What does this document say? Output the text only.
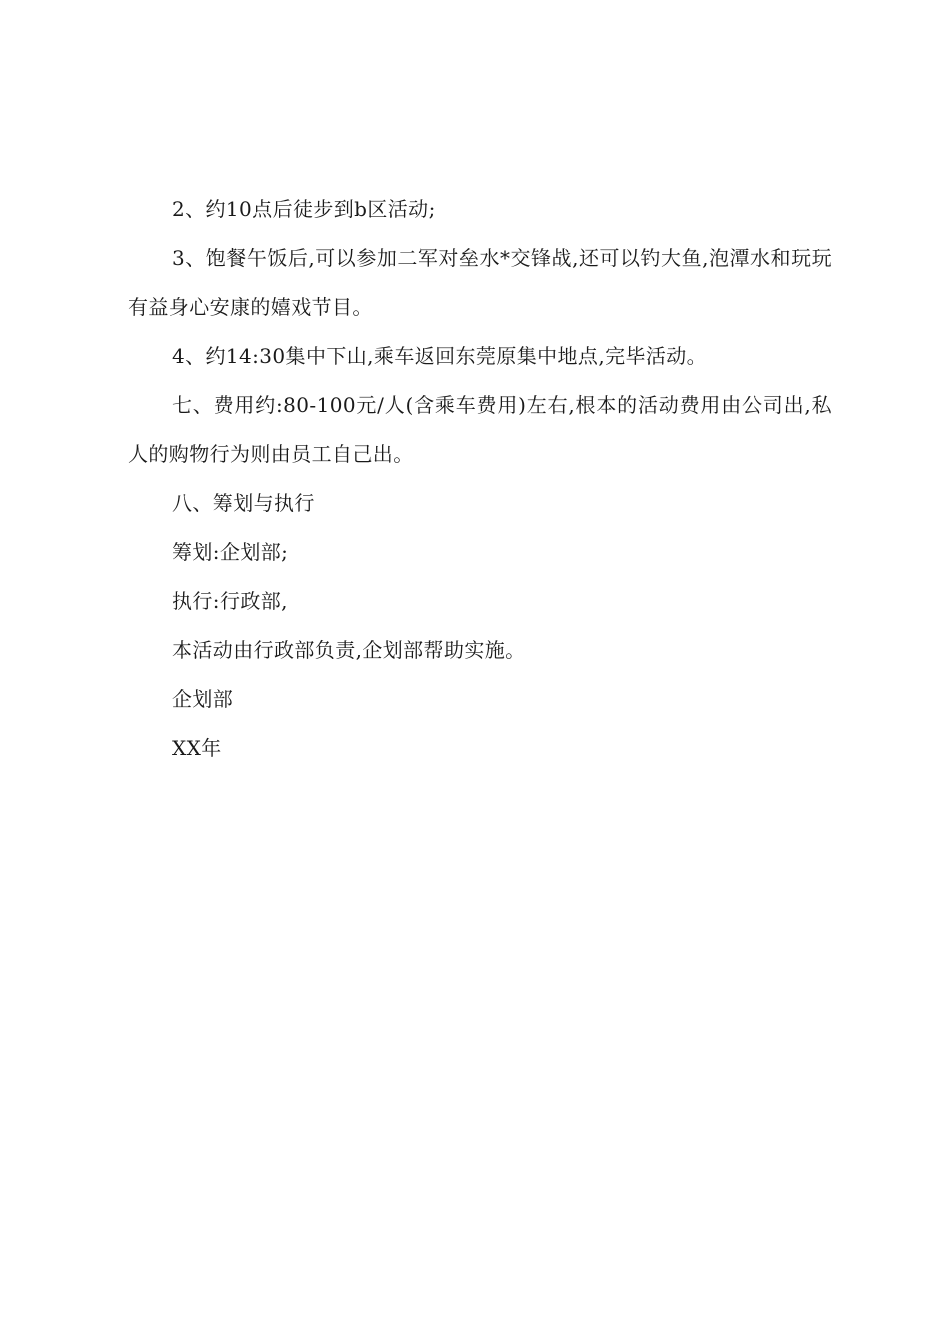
2、约10点后徒步到b区活动;

3、饱餐午饭后,可以参加二军对垒水*交锋战,还可以钓大鱼,泡潭水和玩玩有益身心安康的嬉戏节目。

4、约14:30集中下山,乘车返回东莞原集中地点,完毕活动。

七、费用约:80-100元/人(含乘车费用)左右,根本的活动费用由公司出,私人的购物行为则由员工自己出。

八、筹划与执行

筹划:企划部;

执行:行政部,

本活动由行政部负责,企划部帮助实施。

企划部

XX年
